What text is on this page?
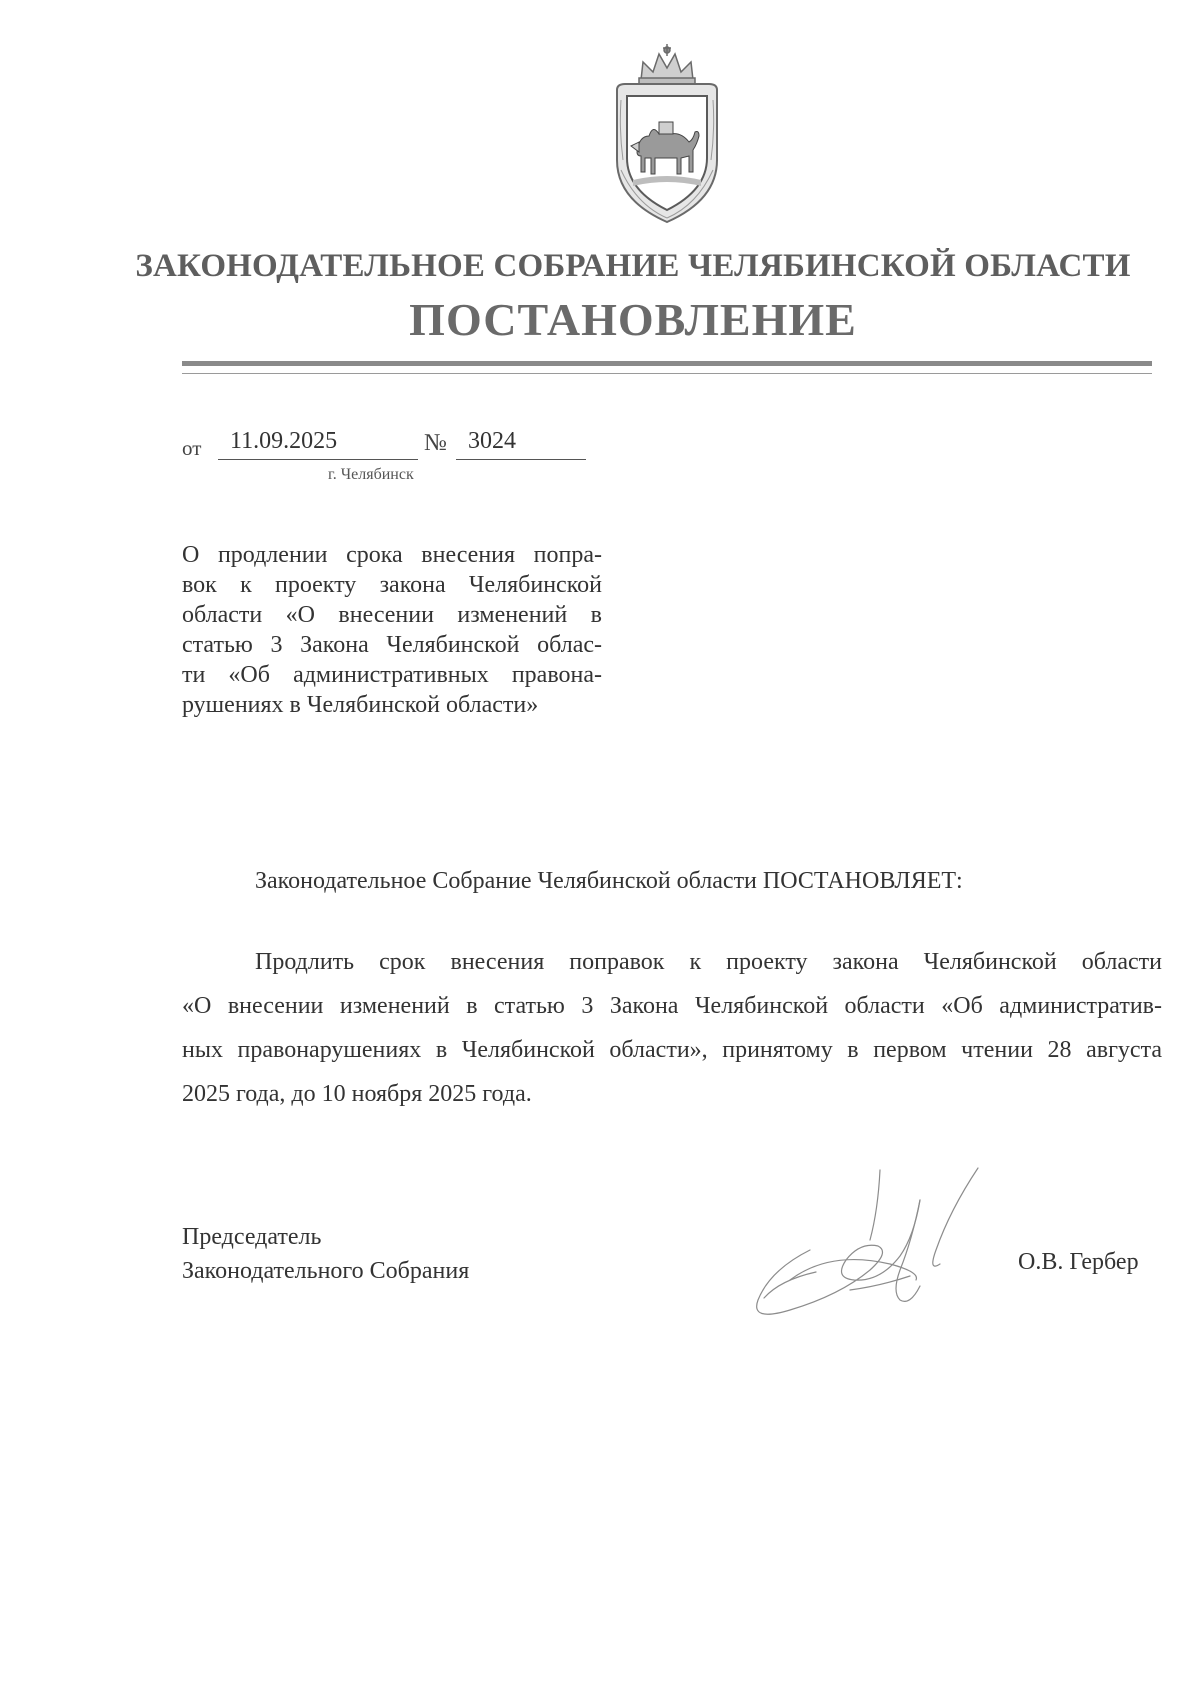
ЗАКОНОДАТЕЛЬНОЕ СОБРАНИЕ ЧЕЛЯБИНСКОЙ ОБЛАСТИ
ПОСТАНОВЛЕНИЕ
от	11.09.2025	№ 3024
г. Челябинск
О продлении срока внесения попра-
вок к проекту закона Челябинской
области «О внесении изменений в
статью 3 Закона Челябинской облас-
ти «Об административных правона-
рушениях в Челябинской области»
Законодательное Собрание Челябинской области ПОСТАНОВЛЯЕТ:
Продлить срок внесения поправок к проекту закона Челябинской области
«О внесении изменений в статью 3 Закона Челябинской области «Об административ-
ных правонарушениях в Челябинской области», принятому в первом чтении 28 августа
2025 года, до 10 ноября 2025 года.
Председатель
Законодательного Собрания	О.В. Гербер
